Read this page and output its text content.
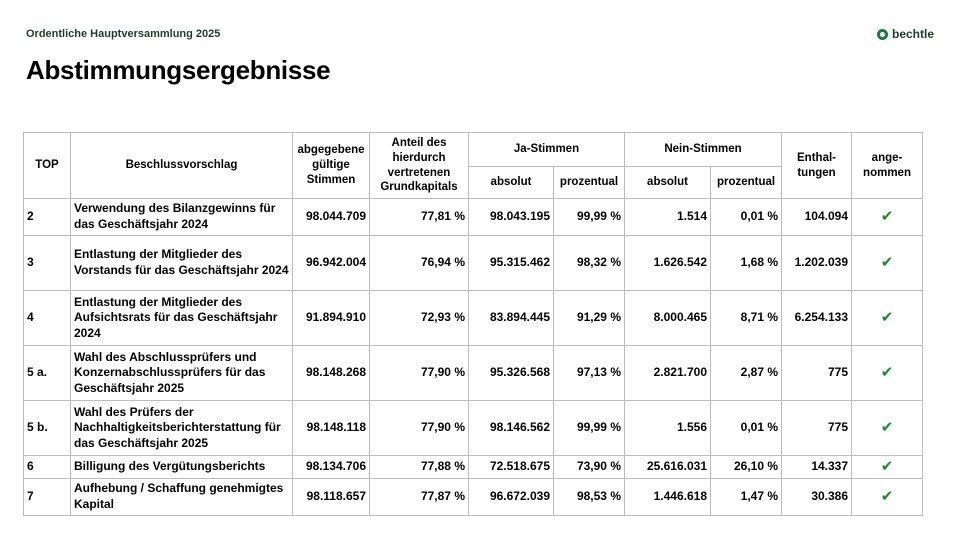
Ordentliche Hauptversammlung 2025	bechtle
Abstimmungsergebnisse
TOP	Beschlussvorschlag	abgegebene gültige Stimmen	Anteil des hierdurch vertretenen Grundkapitals	Ja-Stimmen		Nein-Stimmen		Enthal-tungen	ange-nommen
				absolut	prozentual	absolut	prozentual		
2	Verwendung des Bilanzgewinns für das Geschäftsjahr 2024	98.044.709	77,81 %	98.043.195	99,99 %	1.514	0,01 %	104.094	✔
3	Entlastung der Mitglieder des Vorstands für das Geschäftsjahr 2024	96.942.004	76,94 %	95.315.462	98,32 %	1.626.542	1,68 %	1.202.039	✔
4	Entlastung der Mitglieder des Aufsichtsrats für das Geschäftsjahr 2024	91.894.910	72,93 %	83.894.445	91,29 %	8.000.465	8,71 %	6.254.133	✔
5 a.	Wahl des Abschlussprüfers und Konzernabschlussprüfers für das Geschäftsjahr 2025	98.148.268	77,90 %	95.326.568	97,13 %	2.821.700	2,87 %	775	✔
5 b.	Wahl des Prüfers der Nachhaltigkeitsberichterstattung für das Geschäftsjahr 2025	98.148.118	77,90 %	98.146.562	99,99 %	1.556	0,01 %	775	✔
6	Billigung des Vergütungsberichts	98.134.706	77,88 %	72.518.675	73,90 %	25.616.031	26,10 %	14.337	✔
7	Aufhebung / Schaffung genehmigtes Kapital	98.118.657	77,87 %	96.672.039	98,53 %	1.446.618	1,47 %	30.386	✔
